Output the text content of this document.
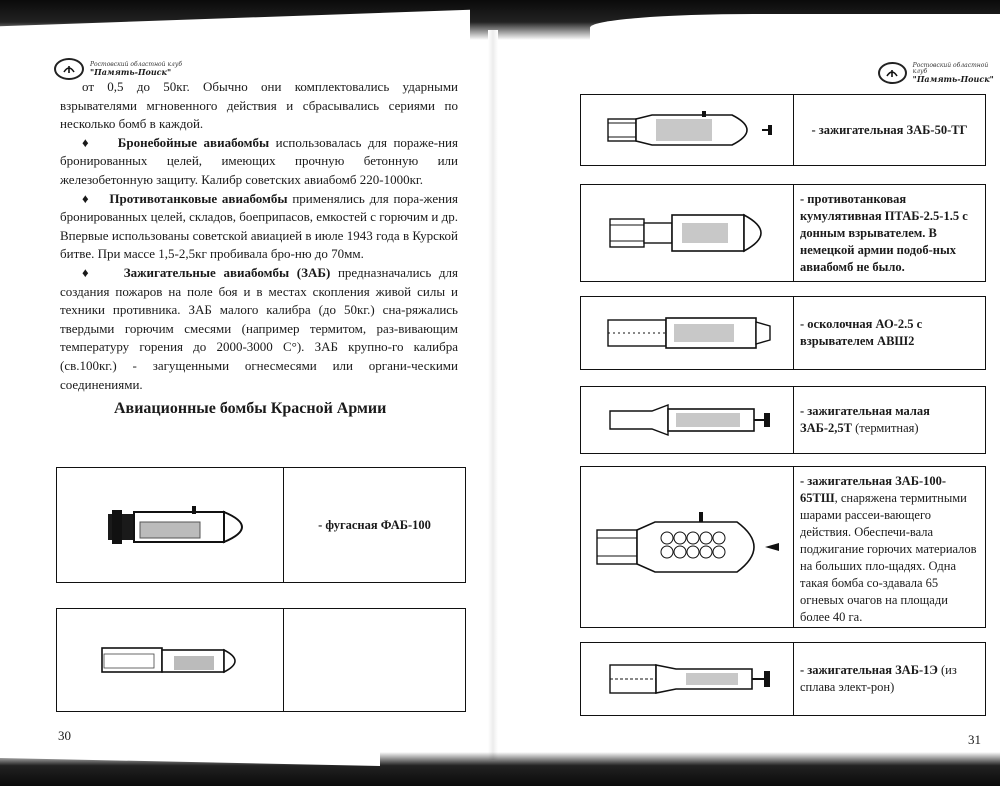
Ростовский областной клуб
"Память-Поиск"

от 0,5 до 50кг. Обычно они комплектовались ударными взрывателями мгновенного действия и сбрасывались сериями по несколько бомб в каждой.

♦ Бронебойные авиабомбы использовалась для пораже-ния бронированных целей, имеющих прочную бетонную или железобетонную защиту. Калибр советских авиабомб 220-1000кг.

♦ Противотанковые авиабомбы применялись для пора-жения бронированных целей, складов, боеприпасов, емкостей с горючим и др. Впервые использованы советской авиацией в июле 1943 года в Курской битве. При массе 1,5-2,5кг пробивала бро-ню до 70мм.

♦ Зажигательные авиабомбы (ЗАБ) предназначались для создания пожаров на поле боя и в местах скопления живой силы и техники противника. ЗАБ малого калибра (до 50кг.) сна-ряжались твердыми горючим смесями (например термитом, раз-вивающим температуру горения до 2000-3000 С°). ЗАБ крупно-го калибра (св.100кг.) - загущенными огнесмесями или органи-ческими соединениями.

Авиационные бомбы Красной Армии
- фугасная ФАБ-100
30
Ростовский областной клуб
"Память-Поиск"
- зажигательная ЗАБ-50-ТГ
- противотанковая кумулятивная ПТАБ-2.5-1.5 с донным взрывателем. В немецкой армии подоб-ных авиабомб не было.
- осколочная АО-2.5 с взрывателем АВШ2
- зажигательная малая ЗАБ-2,5Т (термитная)
- зажигательная ЗАБ-100-65ТШ, снаряжена термитными шарами рассеи-вающего действия. Обеспечи-вала поджигание горючих материалов на больших пло-щадях. Одна такая бомба со-здавала 65 огневых очагов на площади более 40 га.
- зажигательная ЗАБ-1Э (из сплава элект-рон)
31
